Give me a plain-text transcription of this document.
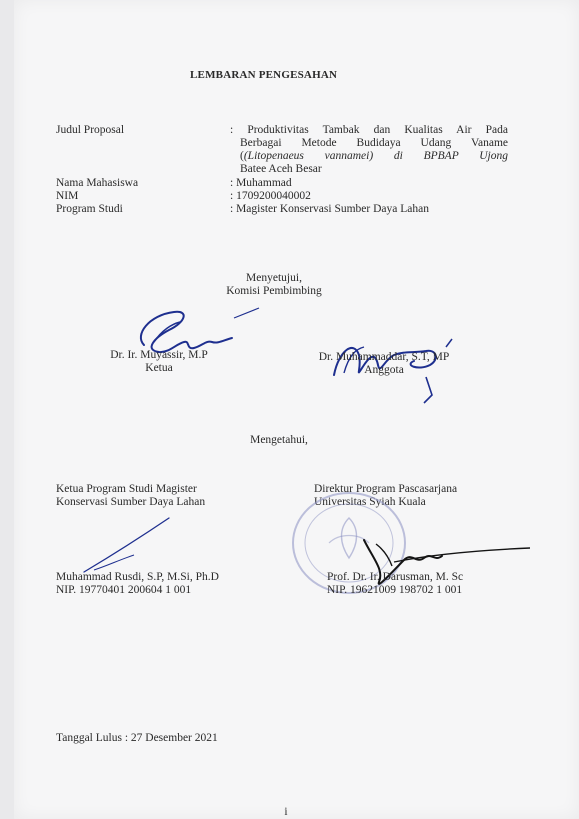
LEMBARAN PENGESAHAN
Judul Proposal
Nama Mahasiswa
NIM
Program Studi
: Produktivitas Tambak dan Kualitas Air Pada
Berbagai Metode Budidaya Udang Vaname
((Litopenaeus vannamei) di BPBAP Ujong
Batee Aceh Besar
: Muhammad
: 1709200040002
: Magister Konservasi Sumber Daya Lahan
Menyetujui,
Komisi Pembimbing
Dr. Ir. Muyassir, M.P
Ketua
Dr. Muhammaddar, S.T, MP
Anggota
Mengetahui,
Ketua Program Studi Magister
Konservasi Sumber Daya Lahan
Direktur Program Pascasarjana
Universitas Syiah Kuala
Muhammad Rusdi, S.P, M.Si, Ph.D
NIP. 19770401 200604 1 001
Prof. Dr. Ir. Darusman, M. Sc
NIP. 19621009 198702 1 001
Tanggal Lulus : 27 Desember 2021
i
